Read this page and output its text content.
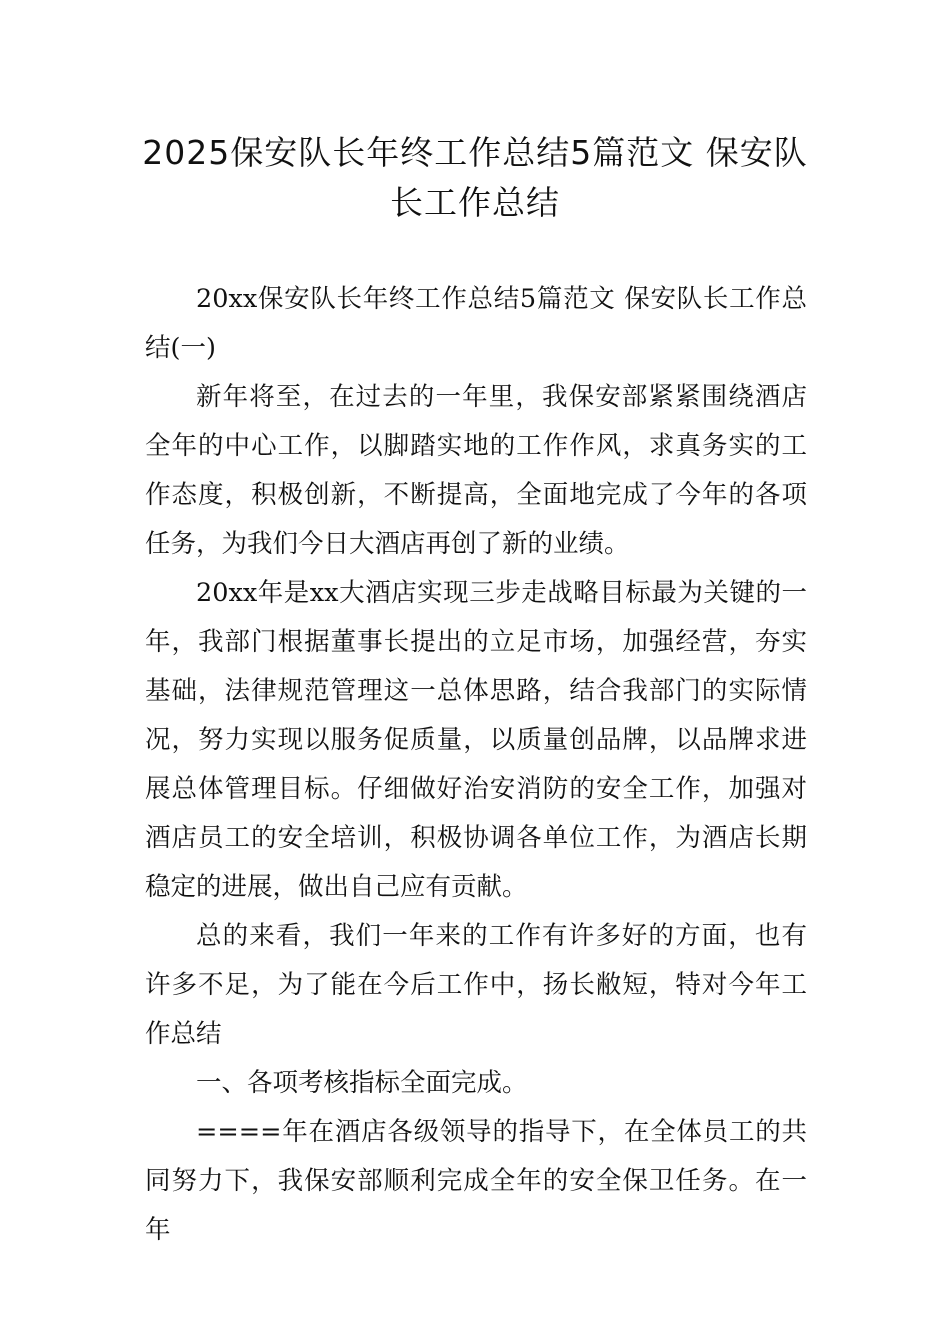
2025保安队长年终工作总结5篇范文 保安队长工作总结

20xx保安队长年终工作总结5篇范文 保安队长工作总结(一)

新年将至，在过去的一年里，我保安部紧紧围绕酒店全年的中心工作，以脚踏实地的工作作风，求真务实的工作态度，积极创新，不断提高，全面地完成了今年的各项任务，为我们今日大酒店再创了新的业绩。

20xx年是xx大酒店实现三步走战略目标最为关键的一年，我部门根据董事长提出的立足市场，加强经营，夯实基础，法律规范管理这一总体思路，结合我部门的实际情况，努力实现以服务促质量，以质量创品牌，以品牌求进展总体管理目标。仔细做好治安消防的安全工作，加强对酒店员工的安全培训，积极协调各单位工作，为酒店长期稳定的进展，做出自己应有贡献。

总的来看，我们一年来的工作有许多好的方面，也有许多不足，为了能在今后工作中，扬长敝短，特对今年工作总结

一、各项考核指标全面完成。

====年在酒店各级领导的指导下，在全体员工的共同努力下，我保安部顺利完成全年的安全保卫任务。在一年
